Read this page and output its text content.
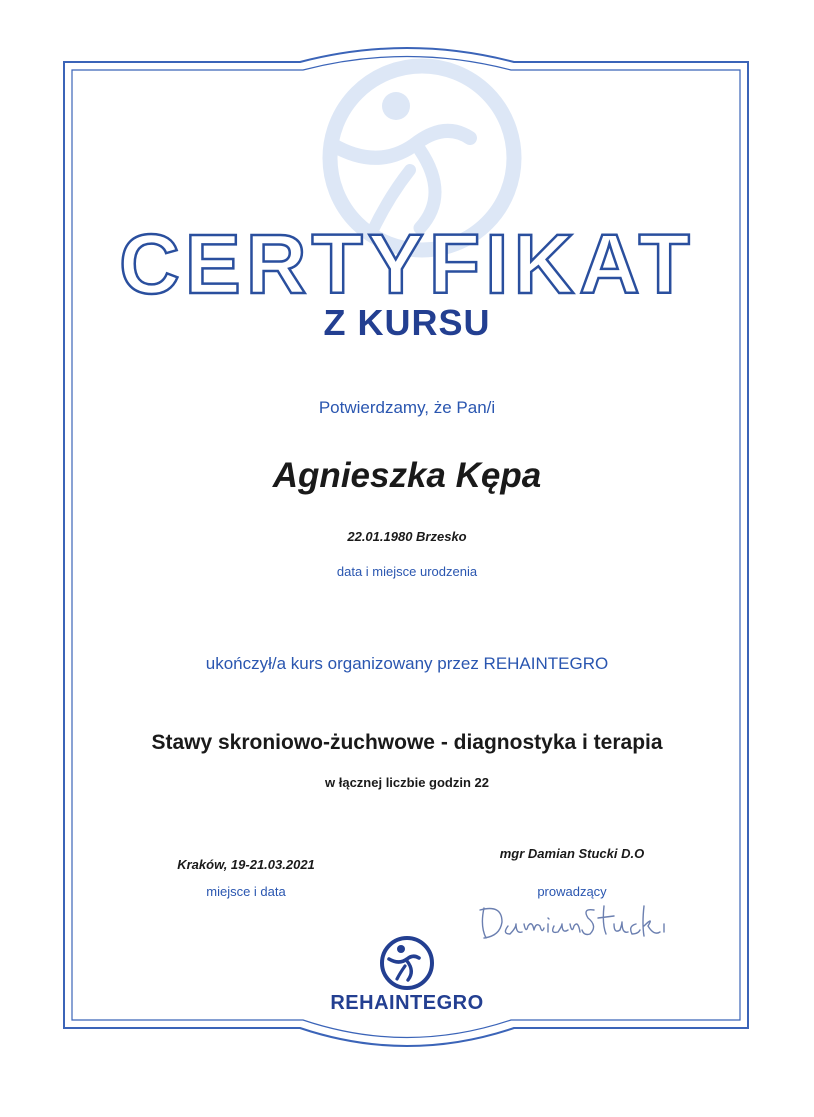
CERTYFIKAT
Z KURSU
Potwierdzamy, że Pan/i
Agnieszka Kępa
22.01.1980 Brzesko
data i miejsce urodzenia
ukończył/a kurs organizowany przez REHAINTEGRO
Stawy skroniowo-żuchwowe - diagnostyka i terapia
w łącznej liczbie godzin 22
Kraków, 19-21.03.2021
miejsce i data
mgr Damian Stucki D.O
prowadzący
REHAINTEGRO
